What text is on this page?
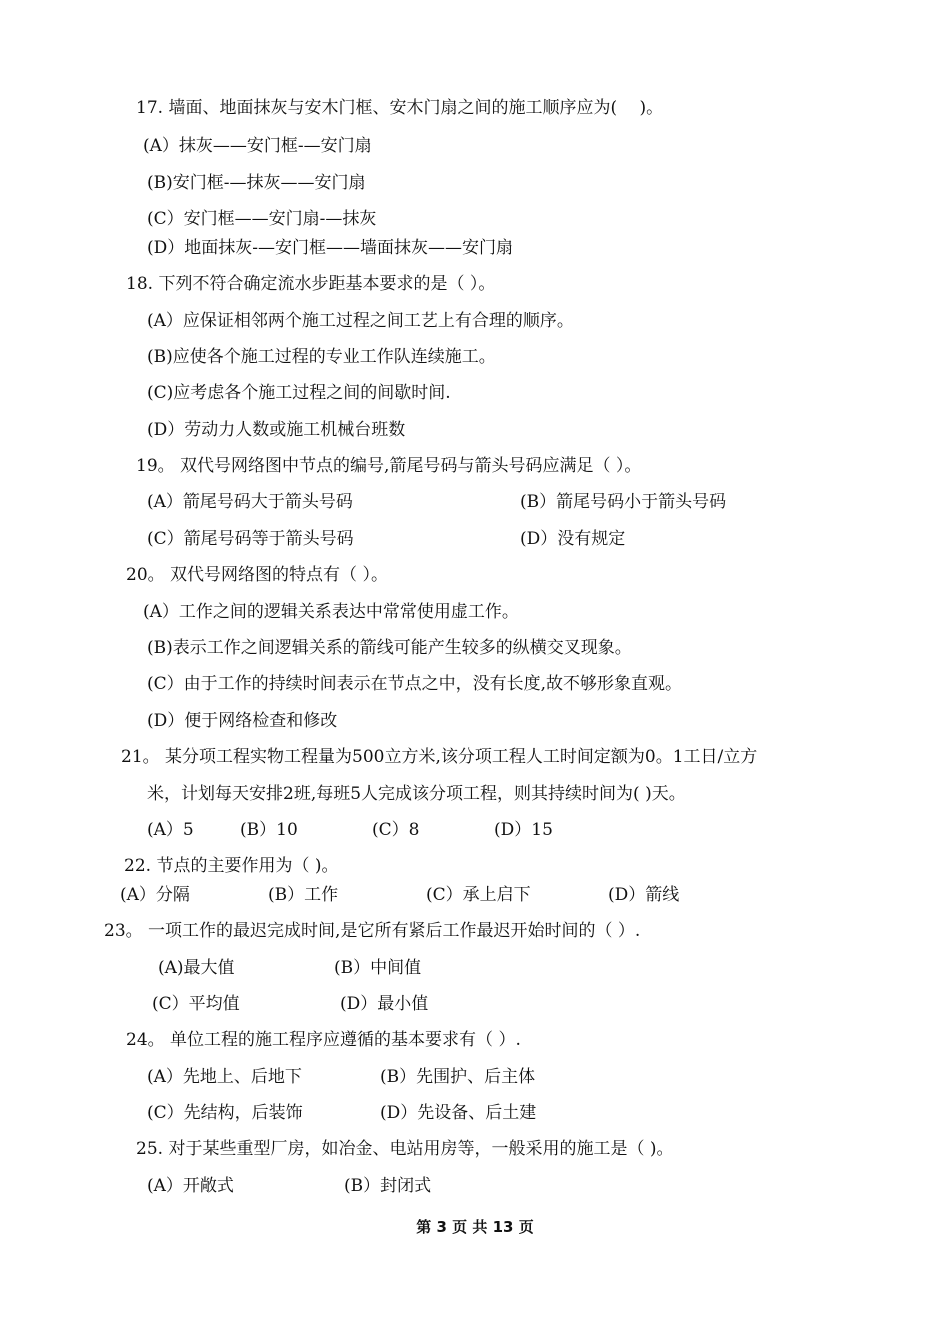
17. 墙面、地面抹灰与安木门框、安木门扇之间的施工顺序应为(　 )。
(A）抹灰——安门框-—安门扇
(B)安门框-—抹灰——安门扇
(C）安门框——安门扇-—抹灰
(D）地面抹灰-—安门框——墙面抹灰——安门扇
18. 下列不符合确定流水步距基本要求的是（ ）。
(A）应保证相邻两个施工过程之间工艺上有合理的顺序。
(B)应使各个施工过程的专业工作队连续施工。
(C)应考虑各个施工过程之间的间歇时间.
(D）劳动力人数或施工机械台班数
19。 双代号网络图中节点的编号,箭尾号码与箭头号码应满足（ ）。
(A）箭尾号码大于箭头号码	(B）箭尾号码小于箭头号码
(C）箭尾号码等于箭头号码	(D）没有规定
20。 双代号网络图的特点有（ ）。
(A）工作之间的逻辑关系表达中常常使用虚工作。
(B)表示工作之间逻辑关系的箭线可能产生较多的纵横交叉现象。
(C）由于工作的持续时间表示在节点之中，没有长度,故不够形象直观。
(D）便于网络检查和修改
21。 某分项工程实物工程量为500立方米,该分项工程人工时间定额为0。1工日/立方
米，计划每天安排2班,每班5人完成该分项工程，则其持续时间为( )天。
(A）5	(B）10	(C）8	(D）15
22. 节点的主要作用为（ )。
(A）分隔	(B）工作	(C）承上启下	(D）箭线
23。 一项工作的最迟完成时间,是它所有紧后工作最迟开始时间的（ ）.
(A)最大值	(B）中间值
(C）平均值	(D）最小值
24。 单位工程的施工程序应遵循的基本要求有（ ）.
(A）先地上、后地下	(B）先围护、后主体
(C）先结构，后装饰	(D）先设备、后土建
25. 对于某些重型厂房，如冶金、电站用房等，一般采用的施工是（ )。
(A）开敞式	(B）封闭式
第 3 页 共 13 页
